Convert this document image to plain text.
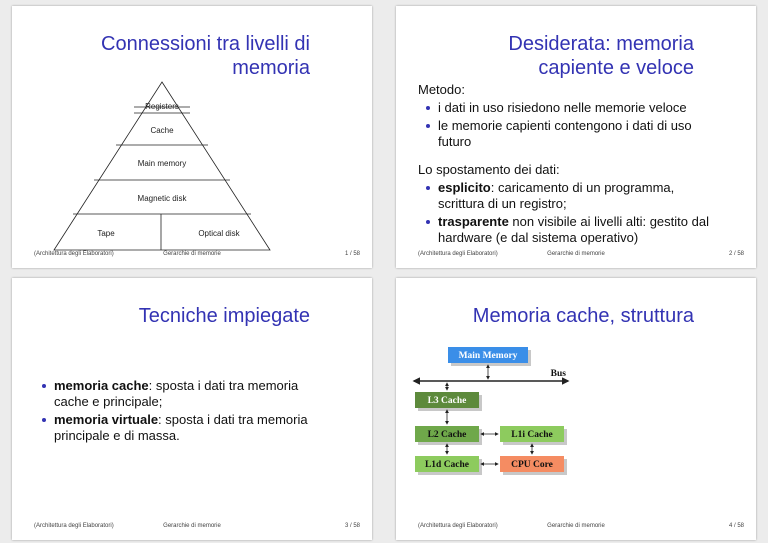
Connessioni tra livelli di
memoria
Registers
Cache
Main memory
Magnetic disk
Tape	Optical disk
(Architettura degli Elaboratori)	Gerarchie di memorie	1 / 58
Desiderata: memoria
capiente e veloce
Metodo:
i dati in uso risiedono nelle memorie veloce
le memorie capienti contengono i dati di uso futuro
Lo spostamento dei dati:
esplicito: caricamento di un programma, scrittura di un registro;
trasparente non visibile ai livelli alti: gestito dal hardware (e dal sistema operativo)
(Architettura degli Elaboratori)	Gerarchie di memorie	2 / 58
Tecniche impiegate
memoria cache: sposta i dati tra memoria cache e principale;
memoria virtuale: sposta i dati tra memoria principale e di massa.
(Architettura degli Elaboratori)	Gerarchie di memorie	3 / 58
Memoria cache, struttura
Bus
Main Memory
L3 Cache
L2 Cache	L1i Cache
L1d Cache	CPU Core
(Architettura degli Elaboratori)	Gerarchie di memorie	4 / 58
